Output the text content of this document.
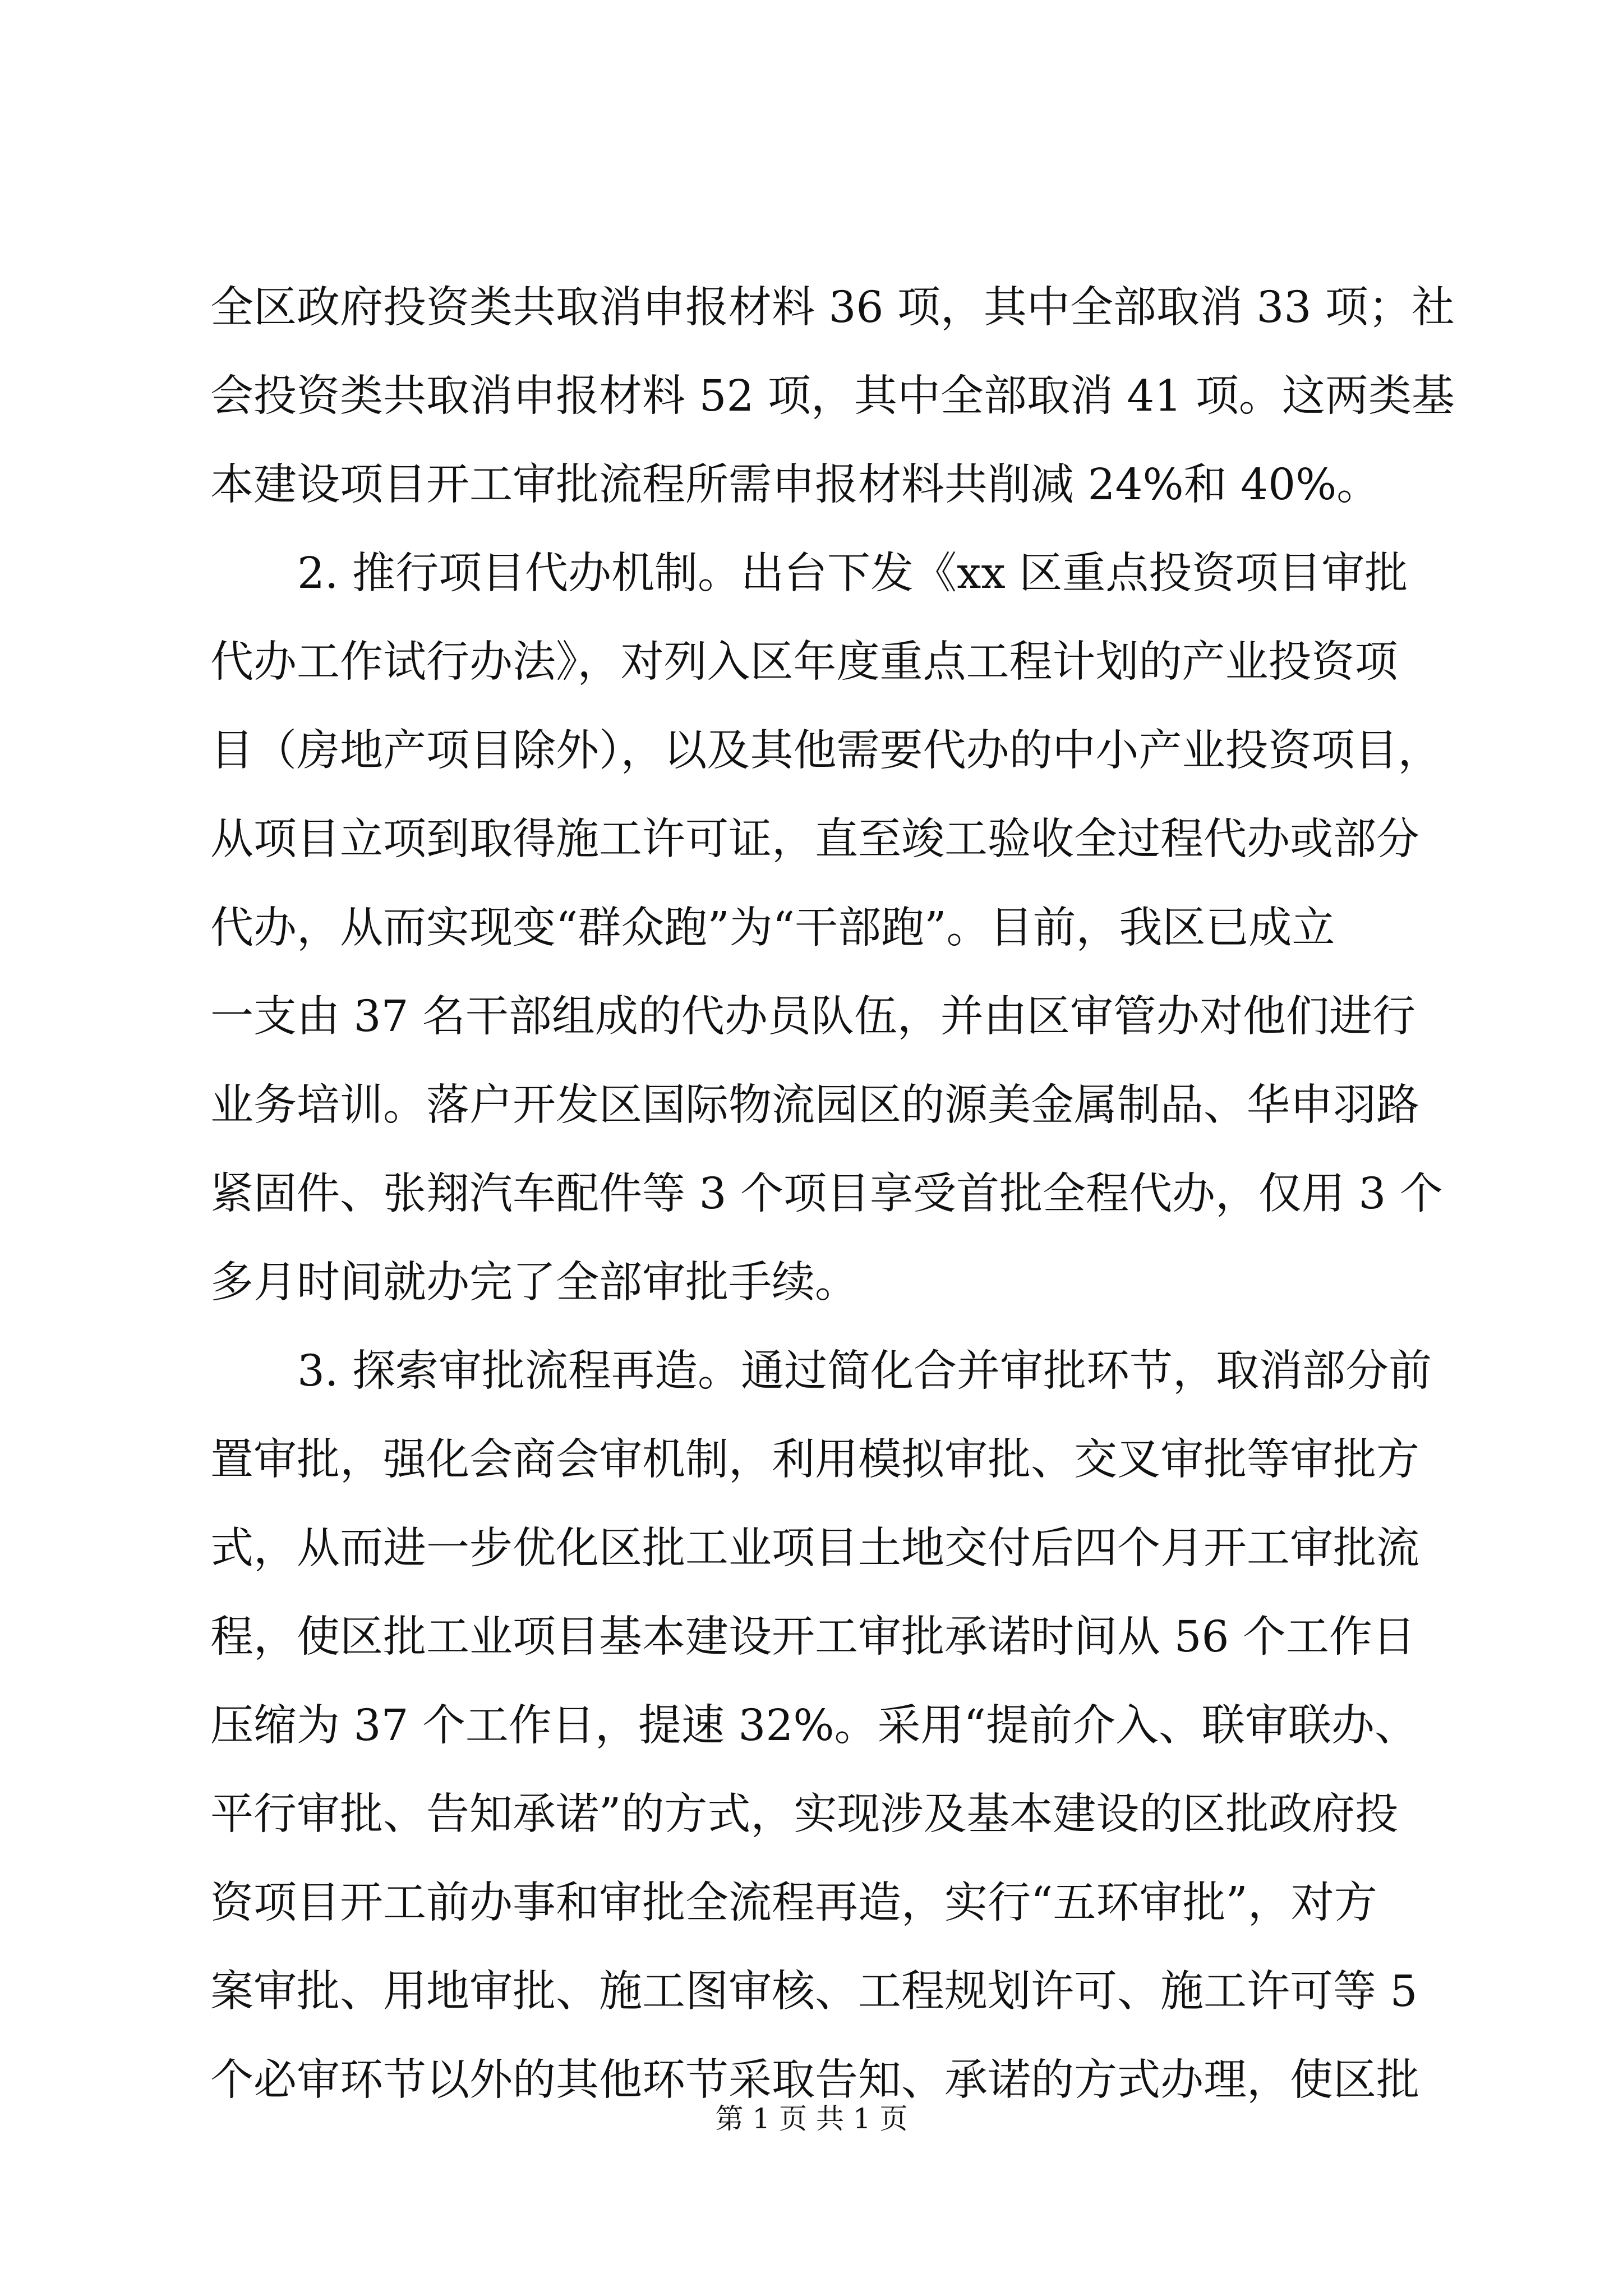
全区政府投资类共取消申报材料 36 项，其中全部取消 33 项；社
会投资类共取消申报材料 52 项，其中全部取消 41 项。这两类基
本建设项目开工审批流程所需申报材料共削减 24%和 40%。
2. 推行项目代办机制。出台下发《xx 区重点投资项目审批
代办工作试行办法》，对列入区年度重点工程计划的产业投资项
目（房地产项目除外），以及其他需要代办的中小产业投资项目，
从项目立项到取得施工许可证，直至竣工验收全过程代办或部分
代办，从而实现变“群众跑”为“干部跑”。目前，我区已成立
一支由 37 名干部组成的代办员队伍，并由区审管办对他们进行
业务培训。落户开发区国际物流园区的源美金属制品、华申羽路
紧固件、张翔汽车配件等 3 个项目享受首批全程代办，仅用 3 个
多月时间就办完了全部审批手续。
3. 探索审批流程再造。通过简化合并审批环节，取消部分前
置审批，强化会商会审机制，利用模拟审批、交叉审批等审批方
式，从而进一步优化区批工业项目土地交付后四个月开工审批流
程，使区批工业项目基本建设开工审批承诺时间从 56 个工作日
压缩为 37 个工作日，提速 32%。采用“提前介入、联审联办、
平行审批、告知承诺”的方式，实现涉及基本建设的区批政府投
资项目开工前办事和审批全流程再造，实行“五环审批”，对方
案审批、用地审批、施工图审核、工程规划许可、施工许可等 5
个必审环节以外的其他环节采取告知、承诺的方式办理，使区批
第 1 页 共 1 页
